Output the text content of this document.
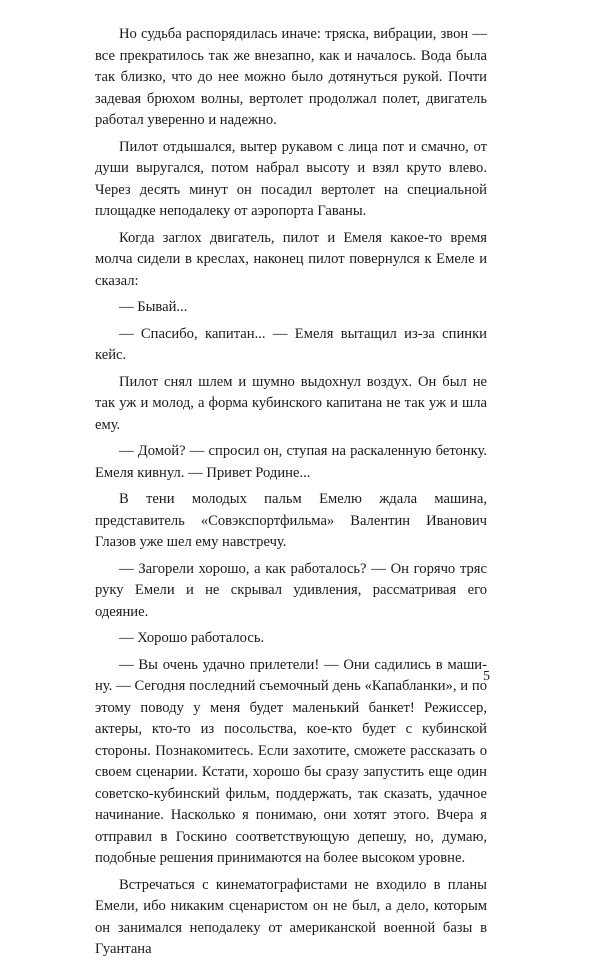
Но судьба распорядилась иначе: тряска, вибрации, звон — все прекратилось так же внезапно, как и началось. Вода была так близко, что до нее можно было дотянуться рукой. Почти задевая брюхом волны, вертолет продолжал полет, двигатель работал уверенно и надежно.

Пилот отдышался, вытер рукавом с лица пот и смачно, от души выругался, потом набрал высоту и взял круто влево. Через десять минут он посадил вертолет на специальной площадке неподалеку от аэропорта Гаваны.

Когда заглох двигатель, пилот и Емеля какое-то время молча сидели в креслах, наконец пилот повернулся к Емеле и сказал:

— Бывай...

— Спасибо, капитан... — Емеля вытащил из-за спинки кейс.

Пилот снял шлем и шумно выдохнул воздух. Он был не так уж и молод, а форма кубинского капитана не так уж и шла ему.

— Домой? — спросил он, ступая на раскаленную бетонку. Емеля кивнул. — Привет Родине...

В тени молодых пальм Емелю ждала машина, представитель «Совэкспортфильма» Валентин Иванович Глазов уже шел ему навстречу.

— Загорели хорошо, а как работалось? — Он горячо тряс руку Емели и не скрывал удивления, рассматривая его одеяние.

— Хорошо работалось.

— Вы очень удачно прилетели! — Они садились в машину. — Сегодня последний съемочный день «Капабланки», и по этому поводу у меня будет маленький банкет! Режиссер, актеры, кто-то из посольства, кое-кто будет с кубинской стороны. Познакомитесь. Если захотите, сможете рассказать о своем сценарии. Кстати, хорошо бы сразу запустить еще один советско-кубинский фильм, поддержать, так сказать, удачное начинание. Насколько я понимаю, они хотят этого. Вчера я отправил в Госкино соответствующую депешу, но, думаю, подобные решения принимаются на более высоком уровне.

Встречаться с кинематографистами не входило в планы Емели, ибо никаким сценаристом он не был, а дело, которым он занимался неподалеку от американской военной базы в Гуантана

5
